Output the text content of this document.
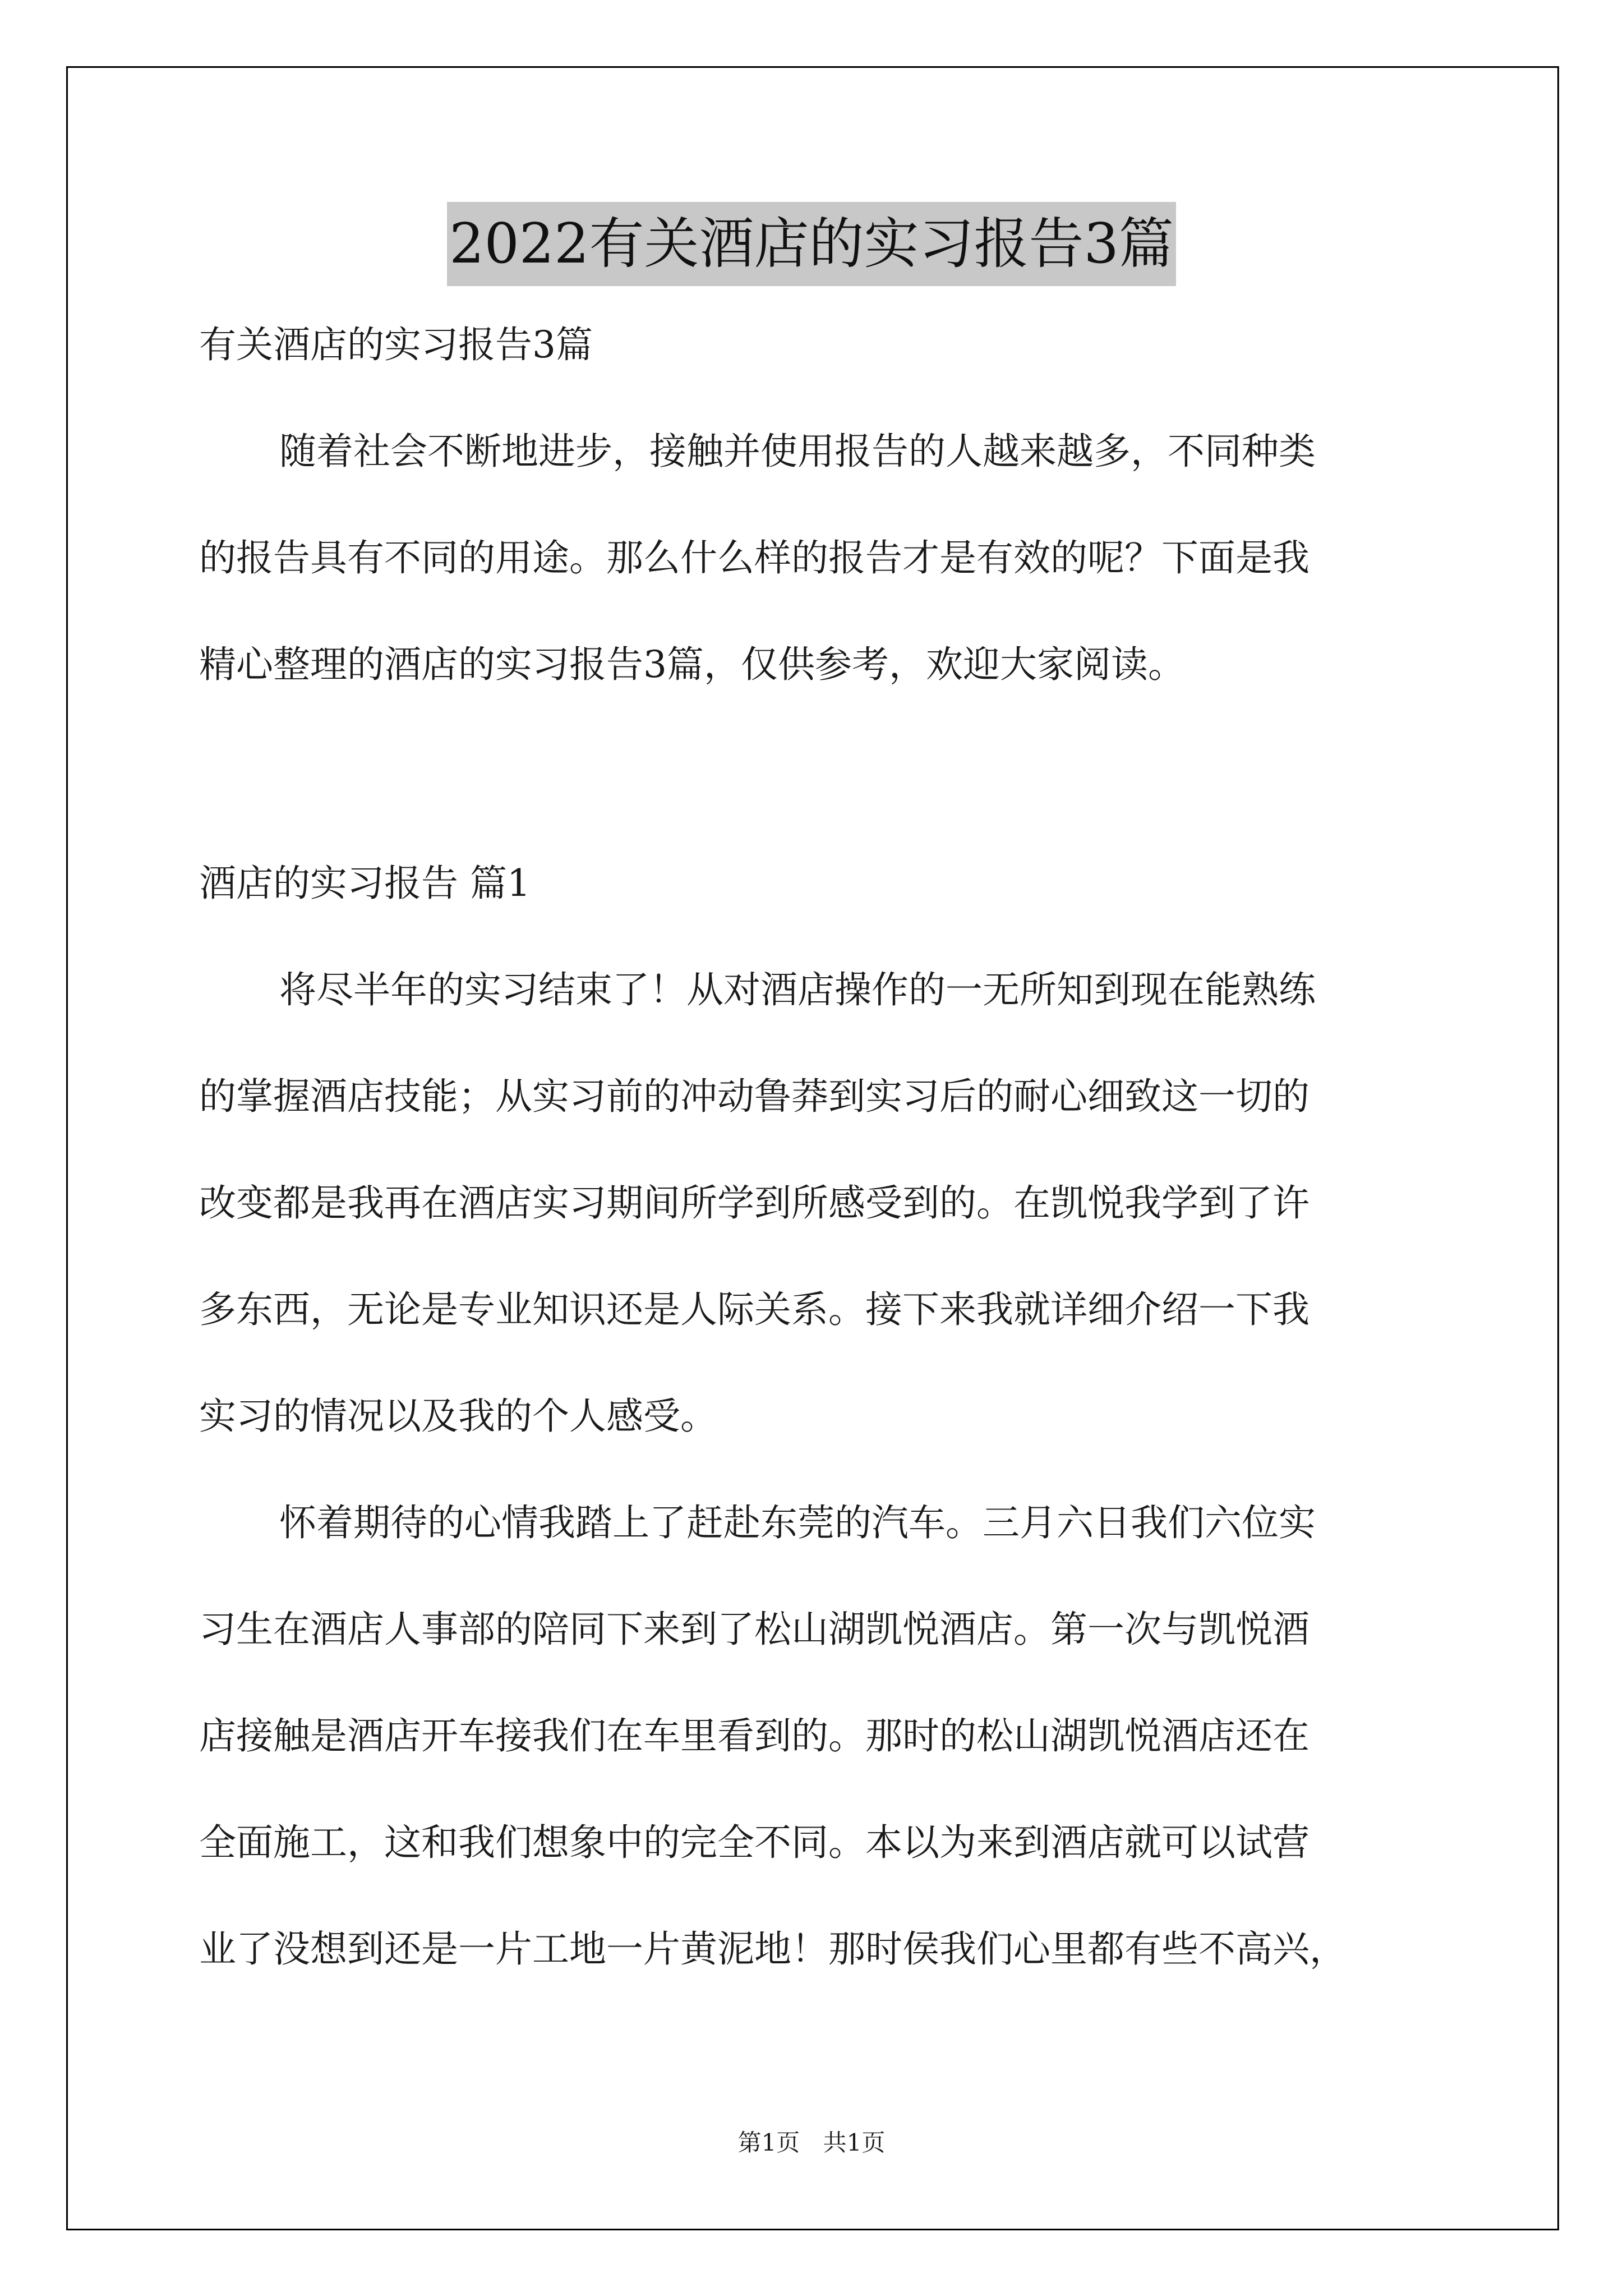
2022有关酒店的实习报告3篇
有关酒店的实习报告3篇
随着社会不断地进步，接触并使用报告的人越来越多，不同种类
的报告具有不同的用途。那么什么样的报告才是有效的呢？下面是我
精心整理的酒店的实习报告3篇，仅供参考，欢迎大家阅读。
酒店的实习报告 篇1
将尽半年的实习结束了！从对酒店操作的一无所知到现在能熟练
的掌握酒店技能；从实习前的冲动鲁莽到实习后的耐心细致这一切的
改变都是我再在酒店实习期间所学到所感受到的。在凯悦我学到了许
多东西，无论是专业知识还是人际关系。接下来我就详细介绍一下我
实习的情况以及我的个人感受。
怀着期待的心情我踏上了赶赴东莞的汽车。三月六日我们六位实
习生在酒店人事部的陪同下来到了松山湖凯悦酒店。第一次与凯悦酒
店接触是酒店开车接我们在车里看到的。那时的松山湖凯悦酒店还在
全面施工，这和我们想象中的完全不同。本以为来到酒店就可以试营
业了没想到还是一片工地一片黄泥地！那时侯我们心里都有些不高兴，
第1页 共1页
